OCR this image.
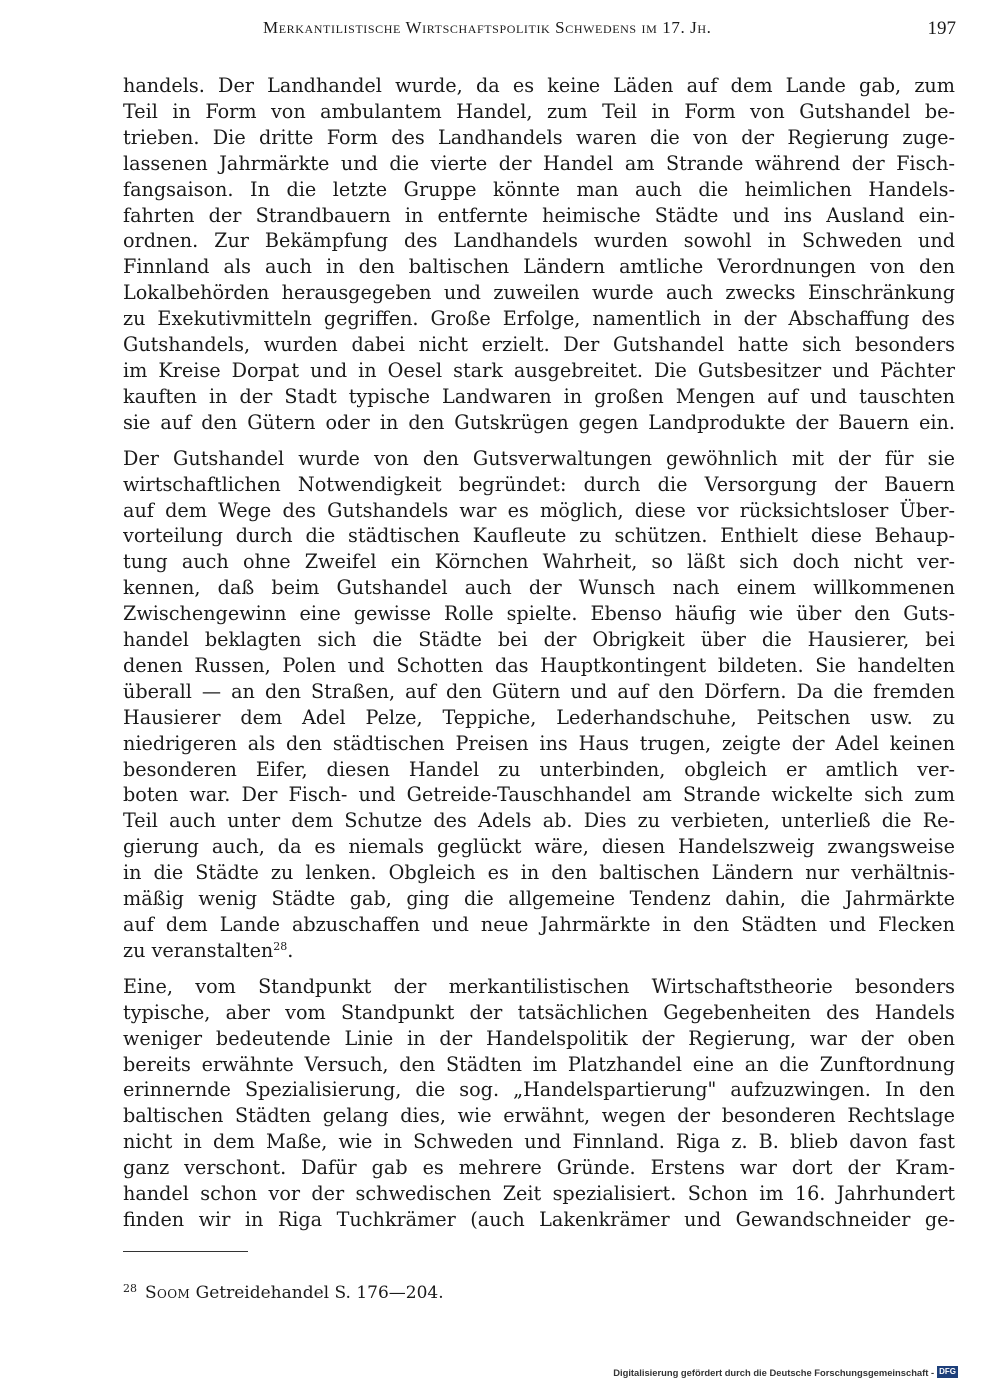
Merkantilistische Wirtschaftspolitik Schwedens im 17. Jh.	197
handels. Der Landhandel wurde, da es keine Läden auf dem Lande gab, zum
Teil in Form von ambulantem Handel, zum Teil in Form von Gutshandel be-
trieben. Die dritte Form des Landhandels waren die von der Regierung zuge-
lassenen Jahrmärkte und die vierte der Handel am Strande während der Fisch-
fangsaison. In die letzte Gruppe könnte man auch die heimlichen Handels-
fahrten der Strandbauern in entfernte heimische Städte und ins Ausland ein-
ordnen. Zur Bekämpfung des Landhandels wurden sowohl in Schweden und
Finnland als auch in den baltischen Ländern amtliche Verordnungen von den
Lokalbehörden herausgegeben und zuweilen wurde auch zwecks Einschränkung
zu Exekutivmitteln gegriffen. Große Erfolge, namentlich in der Abschaffung des
Gutshandels, wurden dabei nicht erzielt. Der Gutshandel hatte sich besonders
im Kreise Dorpat und in Oesel stark ausgebreitet. Die Gutsbesitzer und Pächter
kauften in der Stadt typische Landwaren in großen Mengen auf und tauschten
sie auf den Gütern oder in den Gutskrügen gegen Landprodukte der Bauern ein.
Der Gutshandel wurde von den Gutsverwaltungen gewöhnlich mit der für sie
wirtschaftlichen Notwendigkeit begründet: durch die Versorgung der Bauern
auf dem Wege des Gutshandels war es möglich, diese vor rücksichtsloser Über-
vorteilung durch die städtischen Kaufleute zu schützen. Enthielt diese Behaup-
tung auch ohne Zweifel ein Körnchen Wahrheit, so läßt sich doch nicht ver-
kennen, daß beim Gutshandel auch der Wunsch nach einem willkommenen
Zwischengewinn eine gewisse Rolle spielte. Ebenso häufig wie über den Guts-
handel beklagten sich die Städte bei der Obrigkeit über die Hausierer, bei
denen Russen, Polen und Schotten das Hauptkontingent bildeten. Sie handelten
überall — an den Straßen, auf den Gütern und auf den Dörfern. Da die fremden
Hausierer dem Adel Pelze, Teppiche, Lederhandschuhe, Peitschen usw. zu
niedrigeren als den städtischen Preisen ins Haus trugen, zeigte der Adel keinen
besonderen Eifer, diesen Handel zu unterbinden, obgleich er amtlich ver-
boten war. Der Fisch- und Getreide-Tauschhandel am Strande wickelte sich zum
Teil auch unter dem Schutze des Adels ab. Dies zu verbieten, unterließ die Re-
gierung auch, da es niemals geglückt wäre, diesen Handelszweig zwangsweise
in die Städte zu lenken. Obgleich es in den baltischen Ländern nur verhältnis-
mäßig wenig Städte gab, ging die allgemeine Tendenz dahin, die Jahrmärkte
auf dem Lande abzuschaffen und neue Jahrmärkte in den Städten und Flecken
zu veranstalten$^{28}$.
Eine, vom Standpunkt der merkantilistischen Wirtschaftstheorie besonders
typische, aber vom Standpunkt der tatsächlichen Gegebenheiten des Handels
weniger bedeutende Linie in der Handelspolitik der Regierung, war der oben
bereits erwähnte Versuch, den Städten im Platzhandel eine an die Zunftordnung
erinnernde Spezialisierung, die sog. „Handelspartierung" aufzuzwingen. In den
baltischen Städten gelang dies, wie erwähnt, wegen der besonderen Rechtslage
nicht in dem Maße, wie in Schweden und Finnland. Riga z. B. blieb davon fast
ganz verschont. Dafür gab es mehrere Gründe. Erstens war dort der Kram-
handel schon vor der schwedischen Zeit spezialisiert. Schon im 16. Jahrhundert
finden wir in Riga Tuchkrämer (auch Lakenkrämer und Gewandschneider ge-
$^{28}$ Soom Getreidehandel S. 176—204.
Digitalisierung gefördert durch die Deutsche Forschungsgemeinschaft - DFG
